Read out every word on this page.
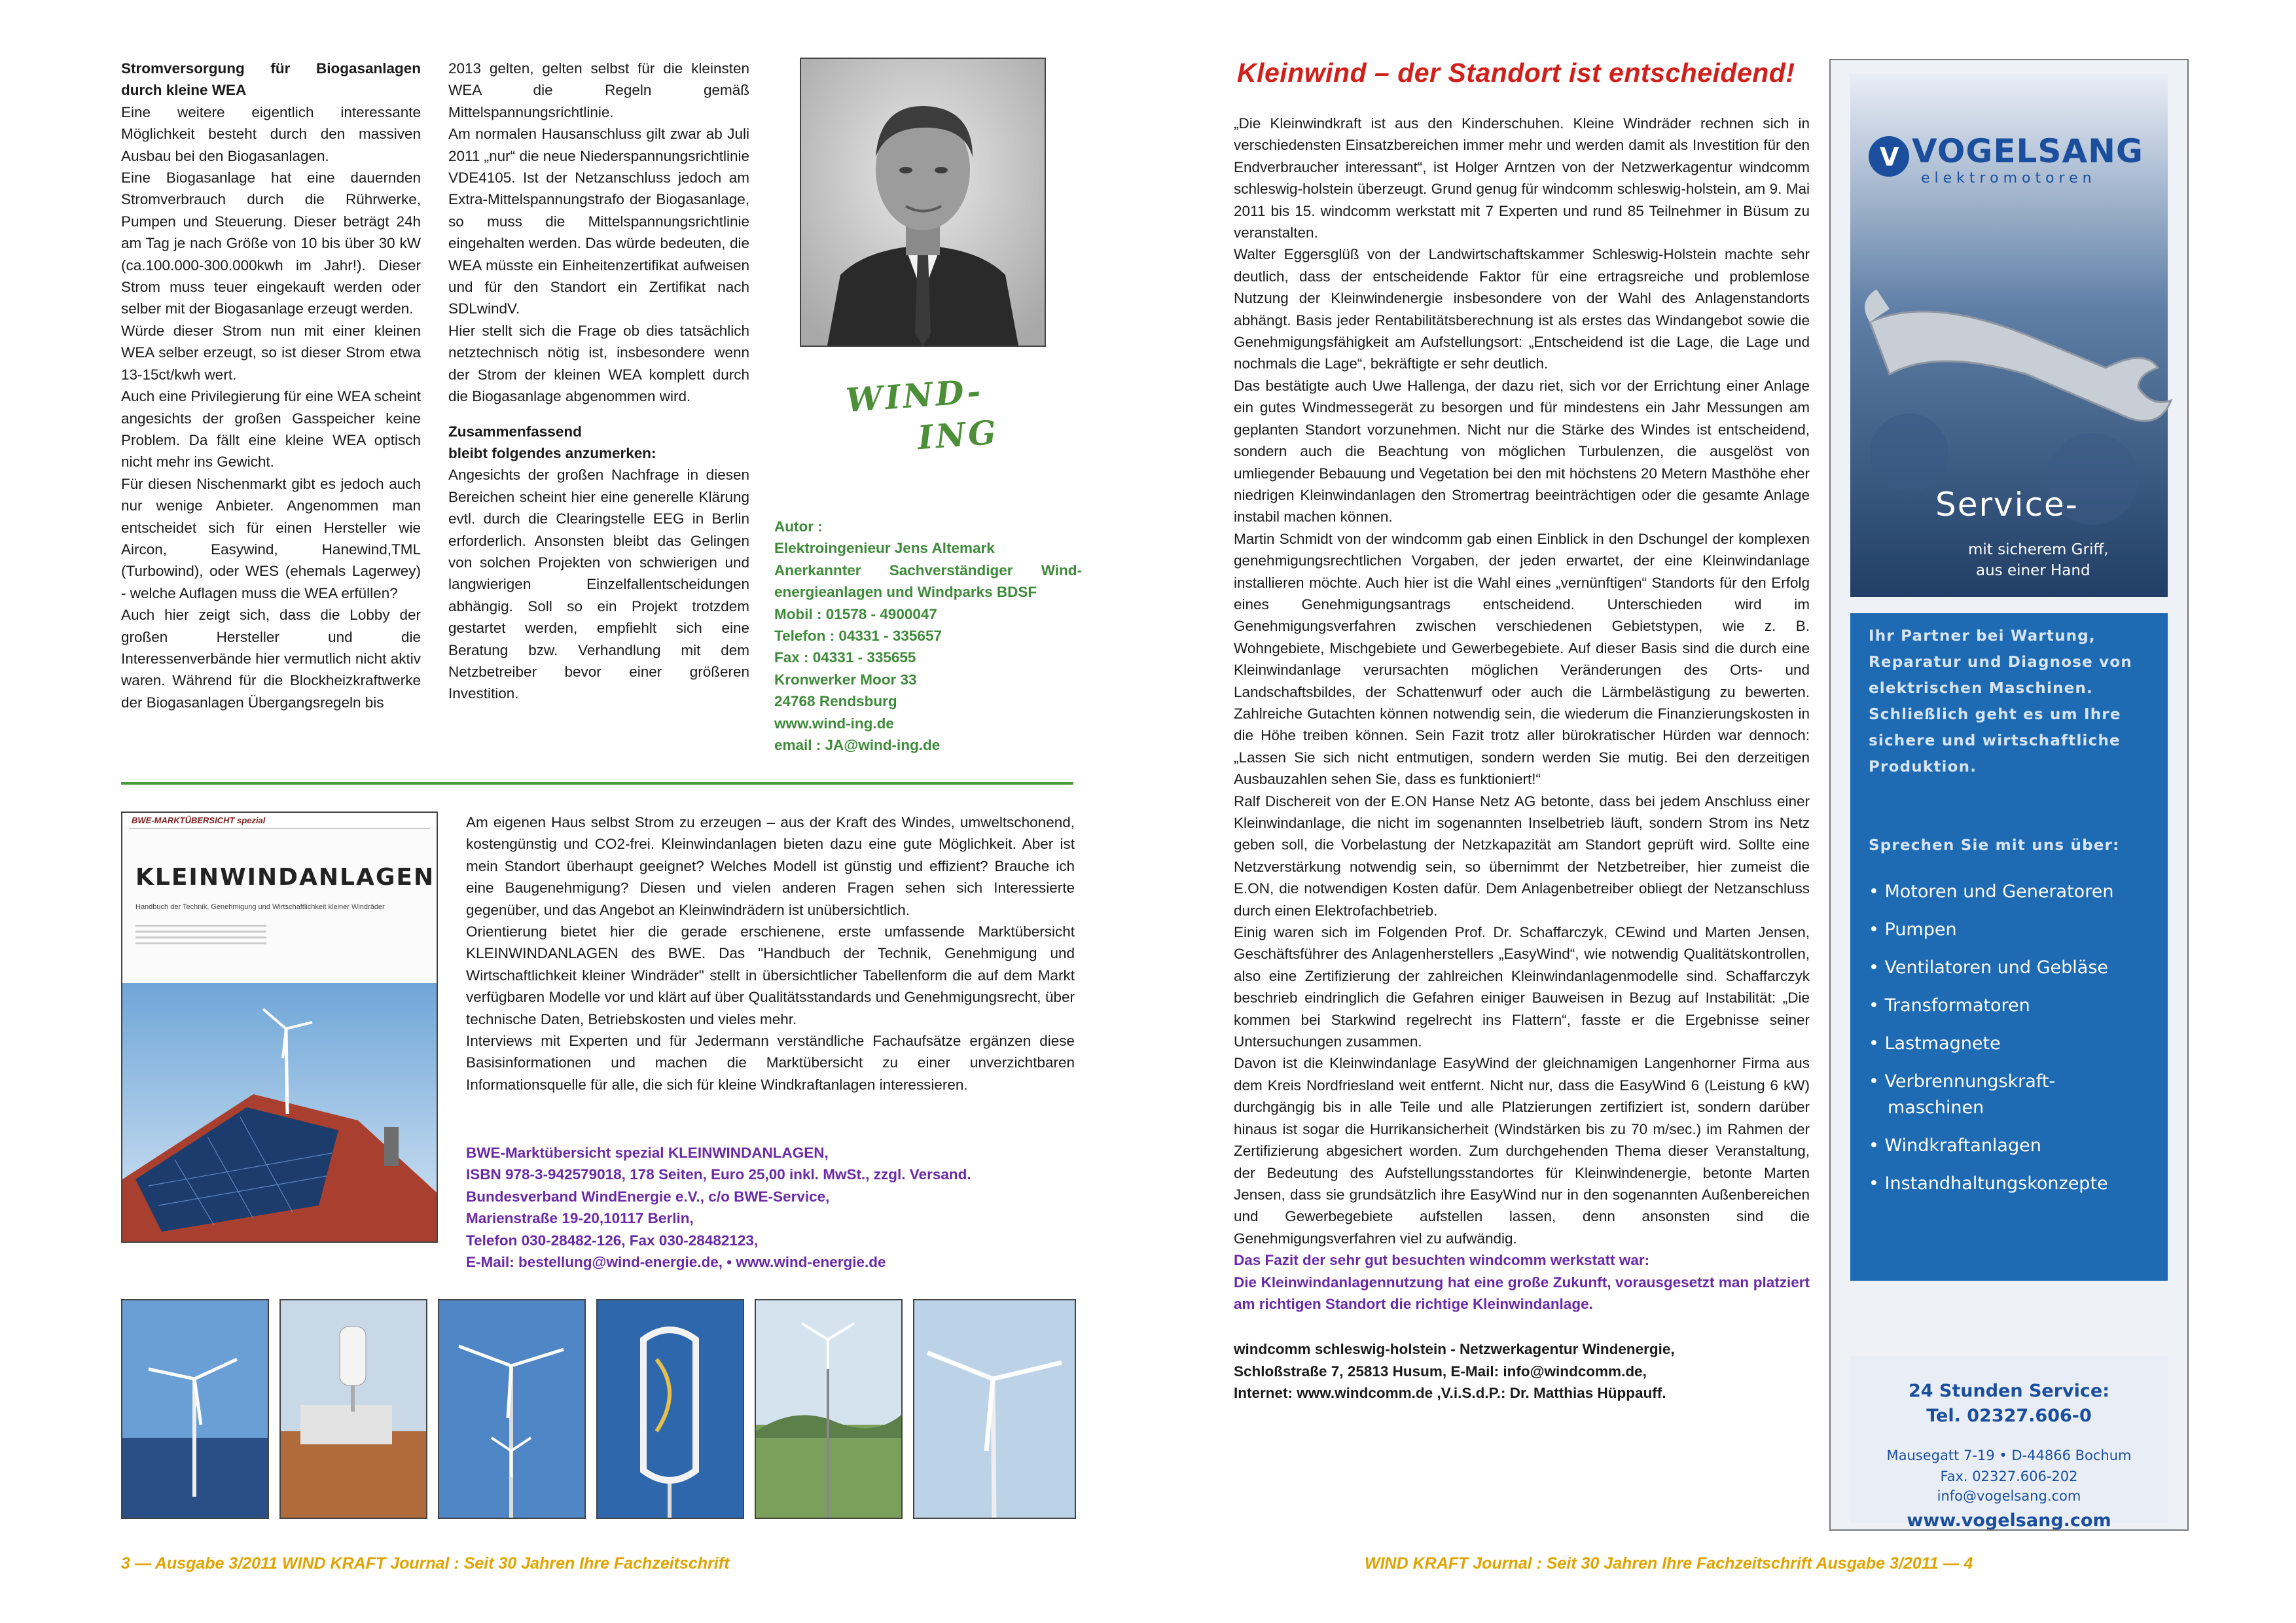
Stromversorgung für Biogasanlagen durch kleine WEA

Eine weitere eigentlich interessante Möglichkeit besteht durch den massiven Ausbau bei den Biogasanlagen.

Eine Biogasanlage hat eine dauernden Stromverbrauch durch die Rührwerke, Pumpen und Steuerung. Dieser beträgt 24h am Tag je nach Größe von 10 bis über 30 kW (ca.100.000-300.000kwh im Jahr!). Dieser Strom muss teuer eingekauft werden oder selber mit der Biogasanlage erzeugt werden.

Würde dieser Strom nun mit einer kleinen WEA selber erzeugt, so ist dieser Strom etwa 13-15ct/kwh wert.

Auch eine Privilegierung für eine WEA scheint angesichts der großen Gasspeicher keine Problem. Da fällt eine kleine WEA optisch nicht mehr ins Gewicht.

Für diesen Nischenmarkt gibt es jedoch auch nur wenige Anbieter. Angenommen man entscheidet sich für einen Hersteller wie Aircon, Easywind, Hanewind,TML (Turbowind), oder WES (ehemals Lagerwey) - welche Auflagen muss die WEA erfüllen?

Auch hier zeigt sich, dass die Lobby der großen Hersteller und die Interessenverbände hier vermutlich nicht aktiv waren. Während für die Blockheizkraftwerke der Biogasanlagen Übergangsregeln bis

2013 gelten, gelten selbst für die kleinsten WEA die Regeln gemäß Mittelspannungsrichtlinie.

Am normalen Hausanschluss gilt zwar ab Juli 2011 „nur“ die neue Niederspannungsrichtlinie VDE4105. Ist der Netzanschluss jedoch am Extra-Mittelspannungstrafo der Biogasanlage, so muss die Mittelspannungsrichtlinie eingehalten werden. Das würde bedeuten, die WEA müsste ein Einheitenzertifikat aufweisen und für den Standort ein Zertifikat nach SDLwindV.

Hier stellt sich die Frage ob dies tatsächlich netztechnisch nötig ist, insbesondere wenn der Strom der kleinen WEA komplett durch die Biogasanlage abgenommen wird.

Zusammenfassend

bleibt folgendes anzumerken:

Angesichts der großen Nachfrage in diesen Bereichen scheint hier eine generelle Klärung evtl. durch die Clearingstelle EEG in Berlin erforderlich. Ansonsten bleibt das Gelingen von solchen Projekten von schwierigen und langwierigen Einzelfallentscheidungen abhängig. Soll so ein Projekt trotzdem gestartet werden, empfiehlt sich eine Beratung bzw. Verhandlung mit dem Netzbetreiber bevor einer größeren Investition.

WIND-
ING
Autor :
Elektroingenieur Jens Altemark
Anerkannter Sachverständiger Wind-
energieanlagen und Windparks BDSF
Mobil : 01578 - 4900047
Telefon : 04331 - 335657
Fax : 04331 - 335655
Kronwerker Moor 33
24768 Rendsburg
www.wind-ing.de
email : JA@wind-ing.de
BWE-MARKTÜBERSICHT spezial
KLEINWINDANLAGEN
Handbuch der Technik, Genehmigung und Wirtschaftlichkeit kleiner Windräder

Am eigenen Haus selbst Strom zu erzeugen – aus der Kraft des Windes, umweltschonend, kostengünstig und CO2-frei. Kleinwindanlagen bieten dazu eine gute Möglichkeit. Aber ist mein Standort überhaupt geeignet? Welches Modell ist günstig und effizient? Brauche ich eine Baugenehmigung? Diesen und vielen anderen Fragen sehen sich Interessierte gegenüber, und das Angebot an Kleinwindrädern ist unübersichtlich.

Orientierung bietet hier die gerade erschienene, erste umfassende Marktübersicht KLEINWINDANLAGEN des BWE. Das "Handbuch der Technik, Genehmigung und Wirtschaftlichkeit kleiner Windräder" stellt in übersichtlicher Tabellenform die auf dem Markt verfügbaren Modelle vor und klärt auf über Qualitätsstandards und Genehmigungsrecht, über technische Daten, Betriebskosten und vieles mehr.

Interviews mit Experten und für Jedermann verständliche Fachaufsätze ergänzen diese Basisinformationen und machen die Marktübersicht zu einer unverzichtbaren Informationsquelle für alle, die sich für kleine Windkraftanlagen interessieren.

BWE-Marktübersicht spezial KLEINWINDANLAGEN,
ISBN 978-3-942579018, 178 Seiten, Euro 25,00 inkl. MwSt., zzgl. Versand.
Bundesverband WindEnergie e.V., c/o BWE-Service,
Marienstraße 19-20,10117 Berlin,
Telefon 030-28482-126, Fax 030-28482123,
E-Mail: bestellung@wind-energie.de, • www.wind-energie.de
3 — Ausgabe 3/2011 WIND KRAFT Journal : Seit 30 Jahren Ihre Fachzeitschrift
Kleinwind – der Standort ist entscheidend!

„Die Kleinwindkraft ist aus den Kinderschuhen. Kleine Windräder rechnen sich in verschiedensten Einsatzbereichen immer mehr und werden damit als Investition für den Endverbraucher interessant“, ist Holger Arntzen von der Netzwerkagentur windcomm schleswig-holstein überzeugt. Grund genug für windcomm schleswig-holstein, am 9. Mai 2011 bis 15. windcomm werkstatt mit 7 Experten und rund 85 Teilnehmer in Büsum zu veranstalten.

Walter Eggersglüß von der Landwirtschaftskammer Schleswig-Holstein machte sehr deutlich, dass der entscheidende Faktor für eine ertragsreiche und problemlose Nutzung der Kleinwindenergie insbesondere von der Wahl des Anlagenstandorts abhängt. Basis jeder Rentabilitätsberechnung ist als erstes das Windangebot sowie die Genehmigungsfähigkeit am Aufstellungsort: „Entscheidend ist die Lage, die Lage und nochmals die Lage“, bekräftigte er sehr deutlich.

Das bestätigte auch Uwe Hallenga, der dazu riet, sich vor der Errichtung einer Anlage ein gutes Windmessegerät zu besorgen und für mindestens ein Jahr Messungen am geplanten Standort vorzunehmen. Nicht nur die Stärke des Windes ist entscheidend, sondern auch die Beachtung von möglichen Turbulenzen, die ausgelöst von umliegender Bebauung und Vegetation bei den mit höchstens 20 Metern Masthöhe eher niedrigen Kleinwindanlagen den Stromertrag beeinträchtigen oder die gesamte Anlage instabil machen können.

Martin Schmidt von der windcomm gab einen Einblick in den Dschungel der komplexen genehmigungsrechtlichen Vorgaben, der jeden erwartet, der eine Kleinwindanlage installieren möchte. Auch hier ist die Wahl eines „vernünftigen“ Standorts für den Erfolg eines Genehmigungsantrags entscheidend. Unterschieden wird im Genehmigungsverfahren zwischen verschiedenen Gebietstypen, wie z. B. Wohngebiete, Mischgebiete und Gewerbegebiete. Auf dieser Basis sind die durch eine Kleinwindanlage verursachten möglichen Veränderungen des Orts- und Landschaftsbildes, der Schattenwurf oder auch die Lärmbelästigung zu bewerten. Zahlreiche Gutachten können notwendig sein, die wiederum die Finanzierungskosten in die Höhe treiben können. Sein Fazit trotz aller bürokratischer Hürden war dennoch: „Lassen Sie sich nicht entmutigen, sondern werden Sie mutig. Bei den derzeitigen Ausbauzahlen sehen Sie, dass es funktioniert!“

Ralf Dischereit von der E.ON Hanse Netz AG betonte, dass bei jedem Anschluss einer Kleinwindanlage, die nicht im sogenannten Inselbetrieb läuft, sondern Strom ins Netz geben soll, die Vorbelastung der Netzkapazität am Standort geprüft wird. Sollte eine Netzverstärkung notwendig sein, so übernimmt der Netzbetreiber, hier zumeist die E.ON, die notwendigen Kosten dafür. Dem Anlagenbetreiber obliegt der Netzanschluss durch einen Elektrofachbetrieb.

Einig waren sich im Folgenden Prof. Dr. Schaffarczyk, CEwind und Marten Jensen, Geschäftsführer des Anlagenherstellers „EasyWind“, wie notwendig Qualitätskontrollen, also eine Zertifizierung der zahlreichen Kleinwindanlagenmodelle sind. Schaffarczyk beschrieb eindringlich die Gefahren einiger Bauweisen in Bezug auf Instabilität: „Die kommen bei Starkwind regelrecht ins Flattern“, fasste er die Ergebnisse seiner Untersuchungen zusammen.

Davon ist die Kleinwindanlage EasyWind der gleichnamigen Langenhorner Firma aus dem Kreis Nordfriesland weit entfernt. Nicht nur, dass die EasyWind 6 (Leistung 6 kW) durchgängig bis in alle Teile und alle Platzierungen zertifiziert ist, sondern darüber hinaus ist sogar die Hurrikansicherheit (Windstärken bis zu 70 m/sec.) im Rahmen der Zertifizierung abgesichert worden. Zum durchgehenden Thema dieser Veranstaltung, der Bedeutung des Aufstellungsstandortes für Kleinwindenergie, betonte Marten Jensen, dass sie grundsätzlich ihre EasyWind nur in den sogenannten Außenbereichen und Gewerbegebiete aufstellen lassen, denn ansonsten sind die Genehmigungsverfahren viel zu aufwändig.

Das Fazit der sehr gut besuchten windcomm werkstatt war:

Die Kleinwindanlagennutzung hat eine große Zukunft, vorausgesetzt man platziert am richtigen Standort die richtige Kleinwindanlage.

windcomm schleswig-holstein - Netzwerkagentur Windenergie,

Schloßstraße 7, 25813 Husum, E-Mail: info@windcomm.de,

Internet: www.windcomm.de ,V.i.S.d.P.: Dr. Matthias Hüppauff.

WIND KRAFT Journal : Seit 30 Jahren Ihre Fachzeitschrift Ausgabe 3/2011 — 4
V VOGELSANG
elektromotoren
Service-
mit sicherem Griff,
aus einer Hand
Ihr Partner bei Wartung, Reparatur und Diagnose von elektrischen Maschinen. Schließlich geht es um Ihre sichere und wirtschaftliche Produktion.
Sprechen Sie mit uns über:
• Motoren und Generatoren
• Pumpen
• Ventilatoren und Gebläse
• Transformatoren
• Lastmagnete
• Verbrennungskraft-
maschinen
• Windkraftanlagen
• Instandhaltungskonzepte
24 Stunden Service:
Tel. 02327.606-0
Mausegatt 7-19 • D-44866 Bochum
Fax. 02327.606-202
info@vogelsang.com
www.vogelsang.com
